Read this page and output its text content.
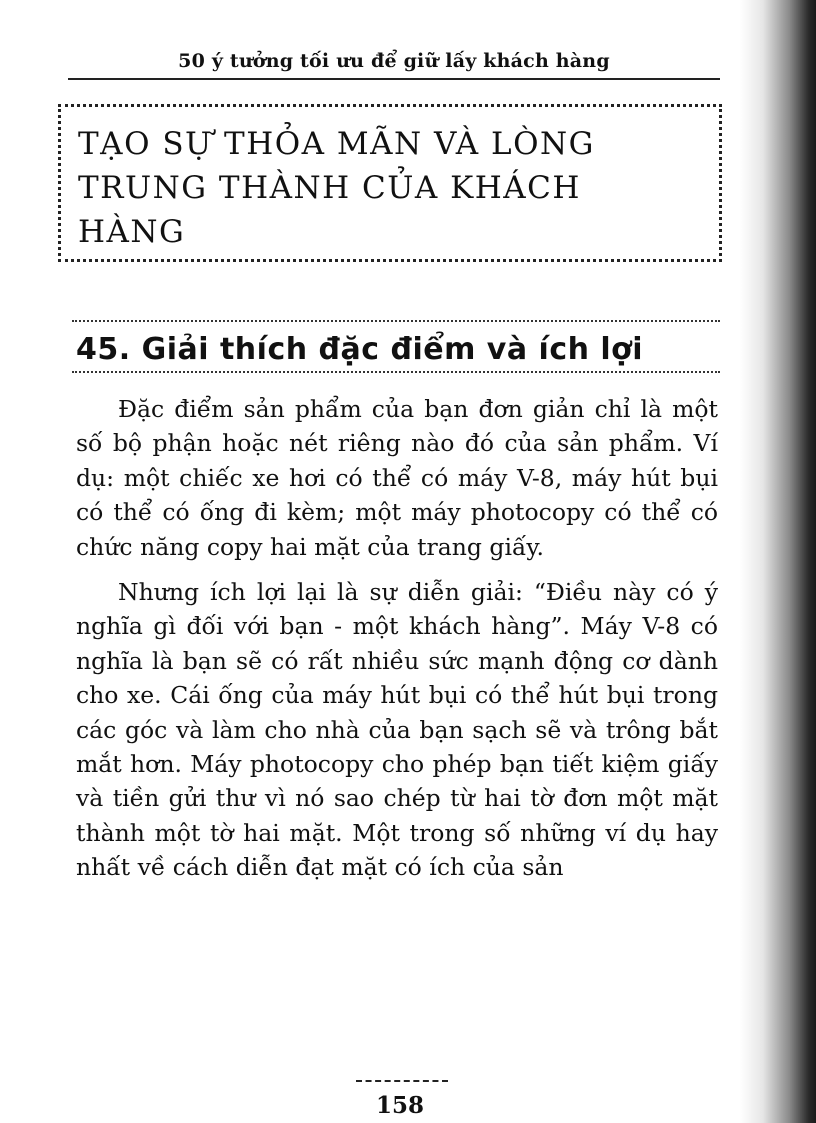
50 ý tưởng tối ưu để giữ lấy khách hàng
TẠO SỰ THỎA MÃN VÀ LÒNG TRUNG THÀNH CỦA KHÁCH HÀNG
45. Giải thích đặc điểm và ích lợi

Đặc điểm sản phẩm của bạn đơn giản chỉ là một số bộ phận hoặc nét riêng nào đó của sản phẩm. Ví dụ: một chiếc xe hơi có thể có máy V-8, máy hút bụi có thể có ống đi kèm; một máy photocopy có thể có chức năng copy hai mặt của trang giấy.

Nhưng ích lợi lại là sự diễn giải: “Điều này có ý nghĩa gì đối với bạn - một khách hàng”. Máy V-8 có nghĩa là bạn sẽ có rất nhiều sức mạnh động cơ dành cho xe. Cái ống của máy hút bụi có thể hút bụi trong các góc và làm cho nhà của bạn sạch sẽ và trông bắt mắt hơn. Máy photocopy cho phép bạn tiết kiệm giấy và tiền gửi thư vì nó sao chép từ hai tờ đơn một mặt thành một tờ hai mặt. Một trong số những ví dụ hay nhất về cách diễn đạt mặt có ích của sản

158
